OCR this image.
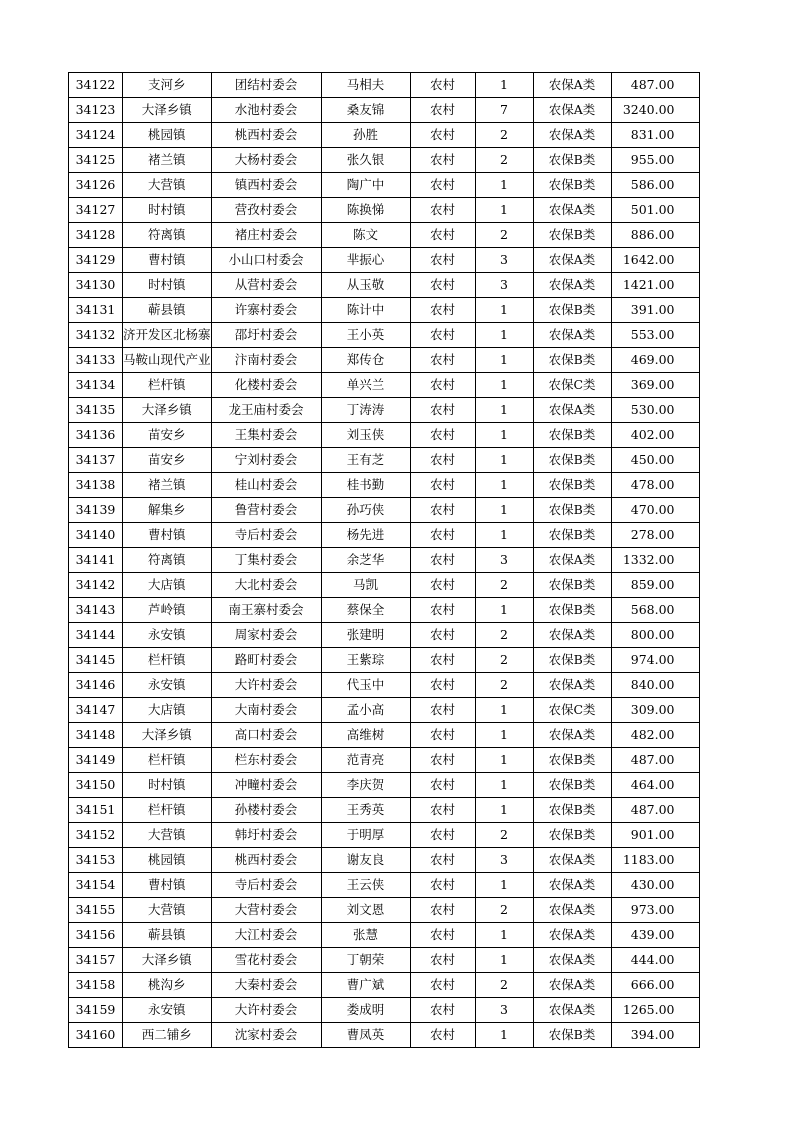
34122	支河乡	团结村委会	马相夫	农村	1	农保A类	487.00
34123	大泽乡镇	水池村委会	桑友锦	农村	7	农保A类	3240.00
34124	桃园镇	桃西村委会	孙胜	农村	2	农保A类	831.00
34125	褚兰镇	大杨村委会	张久银	农村	2	农保B类	955.00
34126	大营镇	镇西村委会	陶广中	农村	1	农保B类	586.00
34127	时村镇	营孜村委会	陈换悌	农村	1	农保A类	501.00
34128	符离镇	褚庄村委会	陈文	农村	2	农保B类	886.00
34129	曹村镇	小山口村委会	芈振心	农村	3	农保A类	1642.00
34130	时村镇	从营村委会	从玉敬	农村	3	农保A类	1421.00
34131	蕲县镇	许寨村委会	陈计中	农村	1	农保B类	391.00
34132	济开发区北杨寨	邵圩村委会	王小英	农村	1	农保A类	553.00
34133	马鞍山现代产业	汴南村委会	郑传仓	农村	1	农保B类	469.00
34134	栏杆镇	化楼村委会	单兴兰	农村	1	农保C类	369.00
34135	大泽乡镇	龙王庙村委会	丁涛涛	农村	1	农保A类	530.00
34136	苗安乡	王集村委会	刘玉侠	农村	1	农保B类	402.00
34137	苗安乡	宁刘村委会	王有芝	农村	1	农保B类	450.00
34138	褚兰镇	桂山村委会	桂书勤	农村	1	农保B类	478.00
34139	解集乡	鲁营村委会	孙巧侠	农村	1	农保B类	470.00
34140	曹村镇	寺后村委会	杨先进	农村	1	农保B类	278.00
34141	符离镇	丁集村委会	余芝华	农村	3	农保A类	1332.00
34142	大店镇	大北村委会	马凯	农村	2	农保B类	859.00
34143	芦岭镇	南王寨村委会	蔡保全	农村	1	农保B类	568.00
34144	永安镇	周家村委会	张建明	农村	2	农保A类	800.00
34145	栏杆镇	路町村委会	王紫琮	农村	2	农保B类	974.00
34146	永安镇	大许村委会	代玉中	农村	2	农保A类	840.00
34147	大店镇	大南村委会	孟小高	农村	1	农保C类	309.00
34148	大泽乡镇	高口村委会	高维树	农村	1	农保A类	482.00
34149	栏杆镇	栏东村委会	范青亮	农村	1	农保B类	487.00
34150	时村镇	冲疃村委会	李庆贺	农村	1	农保B类	464.00
34151	栏杆镇	孙楼村委会	王秀英	农村	1	农保B类	487.00
34152	大营镇	韩圩村委会	于明厚	农村	2	农保B类	901.00
34153	桃园镇	桃西村委会	谢友良	农村	3	农保A类	1183.00
34154	曹村镇	寺后村委会	王云侠	农村	1	农保A类	430.00
34155	大营镇	大营村委会	刘文恩	农村	2	农保A类	973.00
34156	蕲县镇	大江村委会	张慧	农村	1	农保A类	439.00
34157	大泽乡镇	雪花村委会	丁朝荣	农村	1	农保A类	444.00
34158	桃沟乡	大秦村委会	曹广斌	农村	2	农保A类	666.00
34159	永安镇	大许村委会	娄成明	农村	3	农保A类	1265.00
34160	西二铺乡	沈家村委会	曹凤英	农村	1	农保B类	394.00
